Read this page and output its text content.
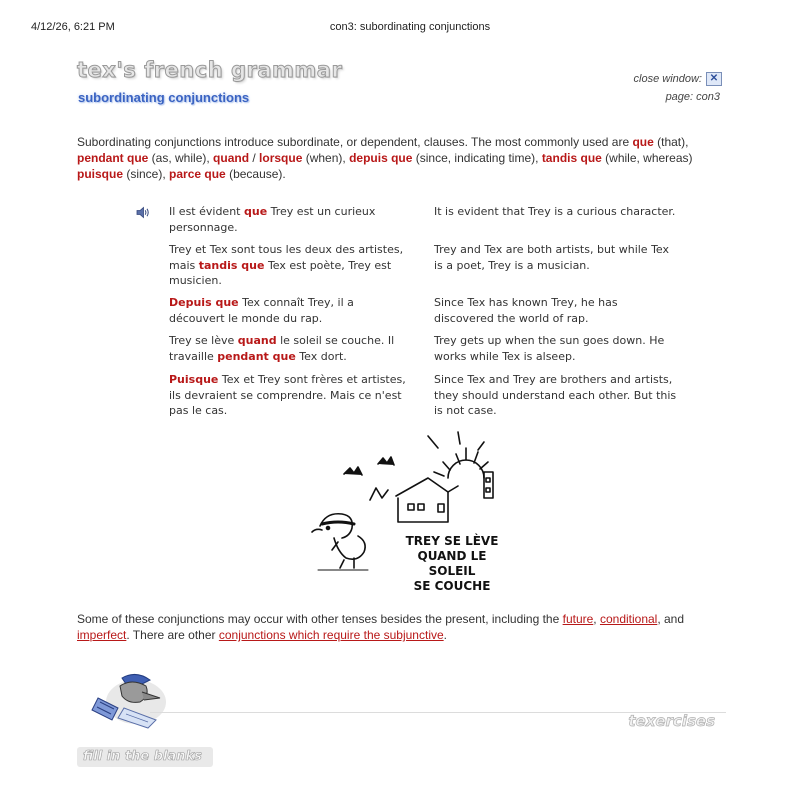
4/12/26, 6:21 PM	con3: subordinating conjunctions
tex's french grammar
subordinating conjunctions
close window: ✕
page: con3
Subordinating conjunctions introduce subordinate, or dependent, clauses. The most commonly used are que (that), pendant que (as, while), quand / lorsque (when), depuis que (since, indicating time), tandis que (while, whereas) puisque (since), parce que (because).
Il est évident que Trey est un curieux personnage.
It is evident that Trey is a curious character.
Trey et Tex sont tous les deux des artistes, mais tandis que Tex est poète, Trey est musicien.
Trey and Tex are both artists, but while Tex is a poet, Trey is a musician.
Depuis que Tex connaît Trey, il a découvert le monde du rap.
Since Tex has known Trey, he has discovered the world of rap.
Trey se lève quand le soleil se couche. Il travaille pendant que Tex dort.
Trey gets up when the sun goes down. He works while Tex is alseep.
Puisque Tex et Trey sont frères et artistes, ils devraient se comprendre. Mais ce n'est pas le cas.
Since Tex and Trey are brothers and artists, they should understand each other. But this is not case.
TREY SE LÈVE
QUAND LE SOLEIL
SE COUCHE
Some of these conjunctions may occur with other tenses besides the present, including the future, conditional, and imperfect. There are other conjunctions which require the subjunctive.
texercises
fill in the blanks
